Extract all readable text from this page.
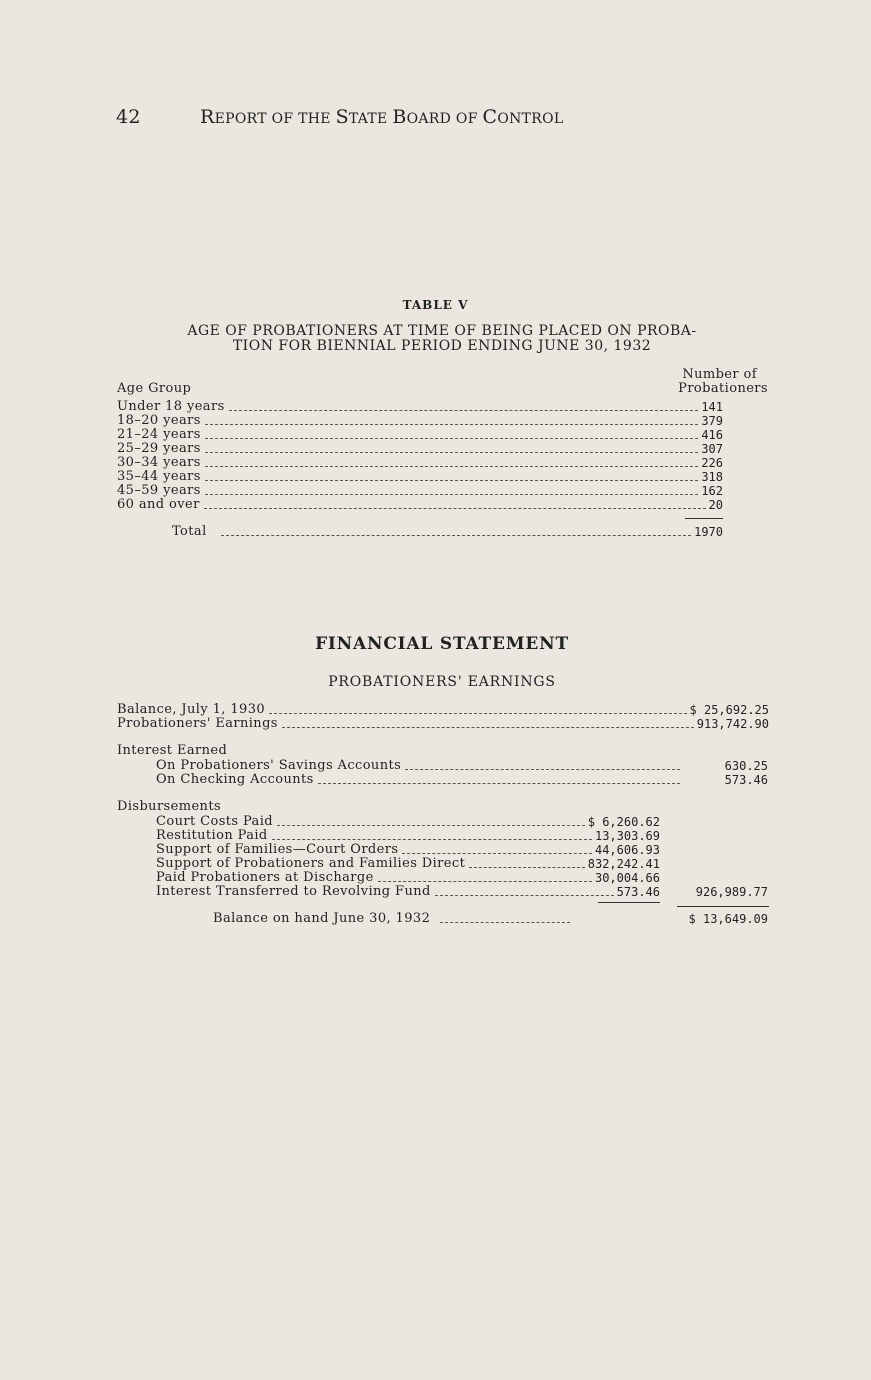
42	REPORT OF THE STATE BOARD OF CONTROL
TABLE V
AGE OF PROBATIONERS AT TIME OF BEING PLACED ON PROBA-
TION FOR BIENNIAL PERIOD ENDING JUNE 30, 1932
Number of
Age Group	Probationers
Under 18 years	141
18–20 years	379
21–24 years	416
25–29 years	307
30–34 years	226
35–44 years	318
45–59 years	162
60 and over	20
Total	1970
FINANCIAL STATEMENT
PROBATIONERS' EARNINGS
Balance, July 1, 1930	$ 25,692.25
Probationers' Earnings	913,742.90
Interest Earned
On Probationers' Savings Accounts	630.25
On Checking Accounts	573.46
Disbursements
Court Costs Paid	$ 6,260.62
Restitution Paid	13,303.69
Support of Families—Court Orders	44,606.93
Support of Probationers and Families Direct	832,242.41
Paid Probationers at Discharge	30,004.66
Interest Transferred to Revolving Fund	573.46	926,989.77
Balance on hand June 30, 1932	$ 13,649.09
